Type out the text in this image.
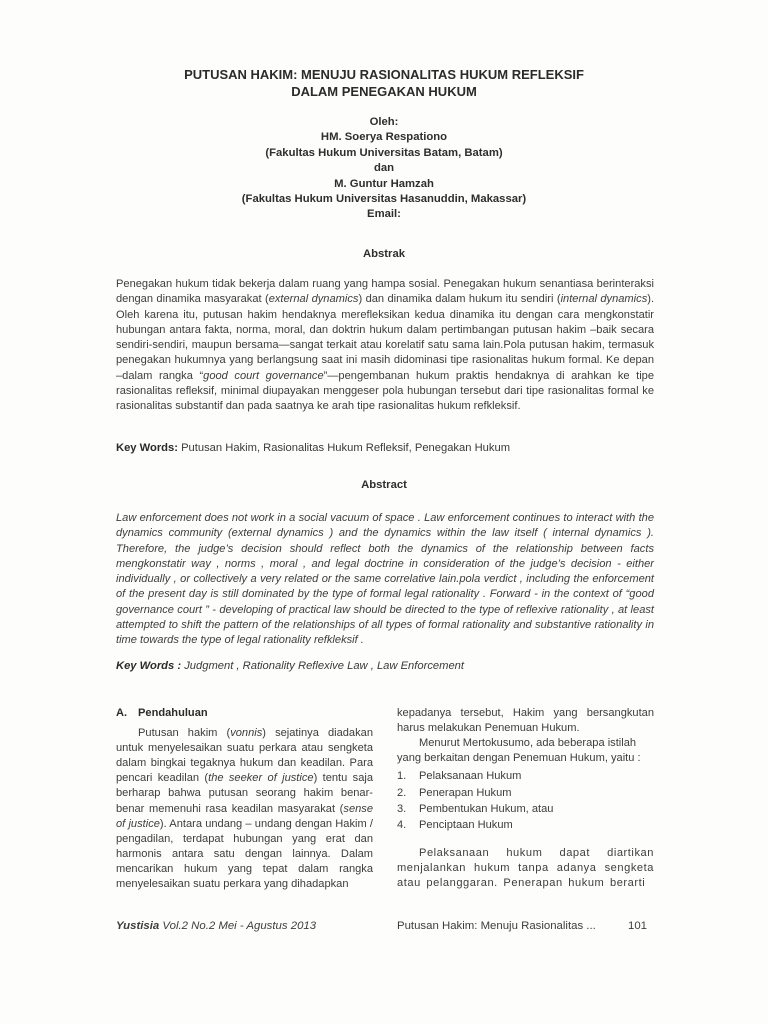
PUTUSAN HAKIM: MENUJU RASIONALITAS HUKUM REFLEKSIF
DALAM PENEGAKAN HUKUM
Oleh:
HM. Soerya Respationo
(Fakultas Hukum Universitas Batam, Batam)
dan
M. Guntur Hamzah
(Fakultas Hukum Universitas Hasanuddin, Makassar)
Email:
Abstrak
Penegakan hukum tidak bekerja dalam ruang yang hampa sosial. Penegakan hukum senantiasa berinteraksi dengan dinamika masyarakat (external dynamics) dan dinamika dalam hukum itu sendiri (internal dynamics). Oleh karena itu, putusan hakim hendaknya merefleksikan kedua dinamika itu dengan cara mengkonstatir hubungan antara fakta, norma, moral, dan doktrin hukum dalam pertimbangan putusan hakim –baik secara sendiri-sendiri, maupun bersama—sangat terkait atau korelatif satu sama lain.Pola putusan hakim, termasuk penegakan hukumnya yang berlangsung saat ini masih didominasi tipe rasionalitas hukum formal. Ke depan –dalam rangka “good court governance”—pengembanan hukum praktis hendaknya di arahkan ke tipe rasionalitas refleksif, minimal diupayakan menggeser pola hubungan tersebut dari tipe rasionalitas formal ke rasionalitas substantif dan pada saatnya ke arah tipe rasionalitas hukum refkleksif.
Key Words: Putusan Hakim, Rasionalitas Hukum Refleksif, Penegakan Hukum
Abstract
Law enforcement does not work in a social vacuum of space . Law enforcement continues to interact with the dynamics community (external dynamics ) and the dynamics within the law itself ( internal dynamics ). Therefore, the judge’s decision should reflect both the dynamics of the relationship between facts mengkonstatir way , norms , moral , and legal doctrine in consideration of the judge’s decision - either individually , or collectively a very related or the same correlative lain.pola verdict , including the enforcement of the present day is still dominated by the type of formal legal rationality . Forward - in the context of “good governance court ” - developing of practical law should be directed to the type of reflexive rationality , at least attempted to shift the pattern of the relationships of all types of formal rationality and substantive rationality in time towards the type of legal rationality refkleksif .
Key Words : Judgment , Rationality Reflexive Law , Law Enforcement
A. Pendahuluan
Putusan hakim (vonnis) sejatinya diadakan untuk menyelesaikan suatu perkara atau sengketa dalam bingkai tegaknya hukum dan keadilan. Para pencari keadilan (the seeker of justice) tentu saja berharap bahwa putusan seorang hakim benar-benar memenuhi rasa keadilan masyarakat (sense of justice). Antara undang – undang dengan Hakim / pengadilan, terdapat hubungan yang erat dan harmonis antara satu dengan lainnya. Dalam mencarikan hukum yang tepat dalam rangka menyelesaikan suatu perkara yang dihadapkan
kepadanya tersebut, Hakim yang bersangkutan harus melakukan Penemuan Hukum.
Menurut Mertokusumo, ada beberapa istilah yang berkaitan dengan Penemuan Hukum, yaitu :
1.	Pelaksanaan Hukum
2.	Penerapan Hukum
3.	Pembentukan Hukum, atau
4.	Penciptaan Hukum
Pelaksanaan hukum dapat diartikan menjalankan hukum tanpa adanya sengketa atau pelanggaran. Penerapan hukum berarti
Yustisia Vol.2 No.2 Mei - Agustus 2013	Putusan Hakim: Menuju Rasionalitas ...	101
